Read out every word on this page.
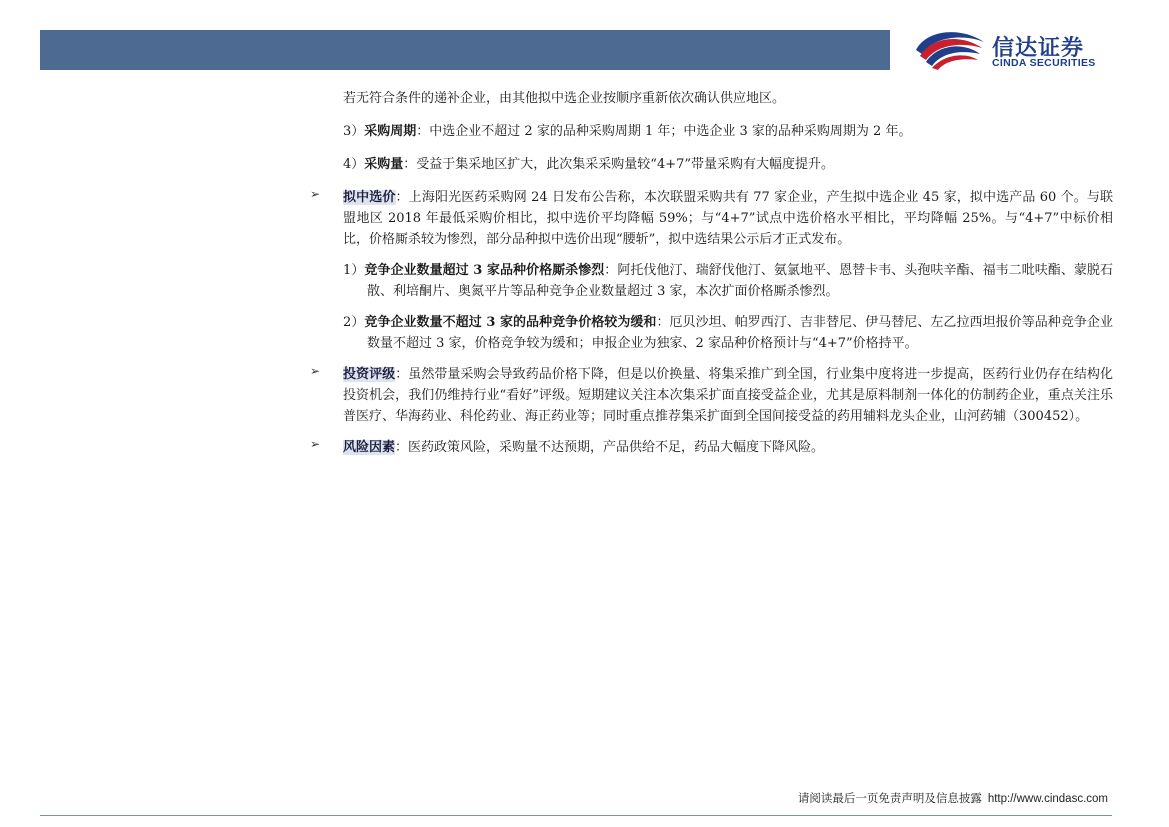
信达证券
CINDA SECURITIES

若无符合条件的递补企业，由其他拟中选企业按顺序重新依次确认供应地区。

3）采购周期：中选企业不超过 2 家的品种采购周期 1 年；中选企业 3 家的品种采购周期为 2 年。

4）采购量：受益于集采地区扩大，此次集采采购量较“4+7”带量采购有大幅度提升。

➢ 拟中选价：上海阳光医药采购网 24 日发布公告称，本次联盟采购共有 77 家企业，产生拟中选企业 45 家，拟中选产品 60 个。与联盟地区 2018 年最低采购价相比，拟中选价平均降幅 59%；与“4+7”试点中选价格水平相比，平均降幅 25%。与“4+7”中标价相比，价格厮杀较为惨烈，部分品种拟中选价出现“腰斩”，拟中选结果公示后才正式发布。

1）竞争企业数量超过 3 家品种价格厮杀惨烈：阿托伐他汀、瑞舒伐他汀、氨氯地平、恩替卡韦、头孢呋辛酯、福韦二吡呋酯、蒙脱石散、利培酮片、奥氮平片等品种竞争企业数量超过 3 家，本次扩面价格厮杀惨烈。

2）竞争企业数量不超过 3 家的品种竞争价格较为缓和：厄贝沙坦、帕罗西汀、吉非替尼、伊马替尼、左乙拉西坦报价等品种竞争企业数量不超过 3 家，价格竞争较为缓和；申报企业为独家、2 家品种价格预计与“4+7”价格持平。

➢ 投资评级：虽然带量采购会导致药品价格下降，但是以价换量、将集采推广到全国，行业集中度将进一步提高，医药行业仍存在结构化投资机会，我们仍维持行业“看好”评级。短期建议关注本次集采扩面直接受益企业，尤其是原料制剂一体化的仿制药企业，重点关注乐普医疗、华海药业、科伦药业、海正药业等；同时重点推荐集采扩面到全国间接受益的药用辅料龙头企业，山河药辅（300452）。

➢ 风险因素：医药政策风险，采购量不达预期，产品供给不足，药品大幅度下降风险。

请阅读最后一页免责声明及信息披露 http://www.cindasc.com
